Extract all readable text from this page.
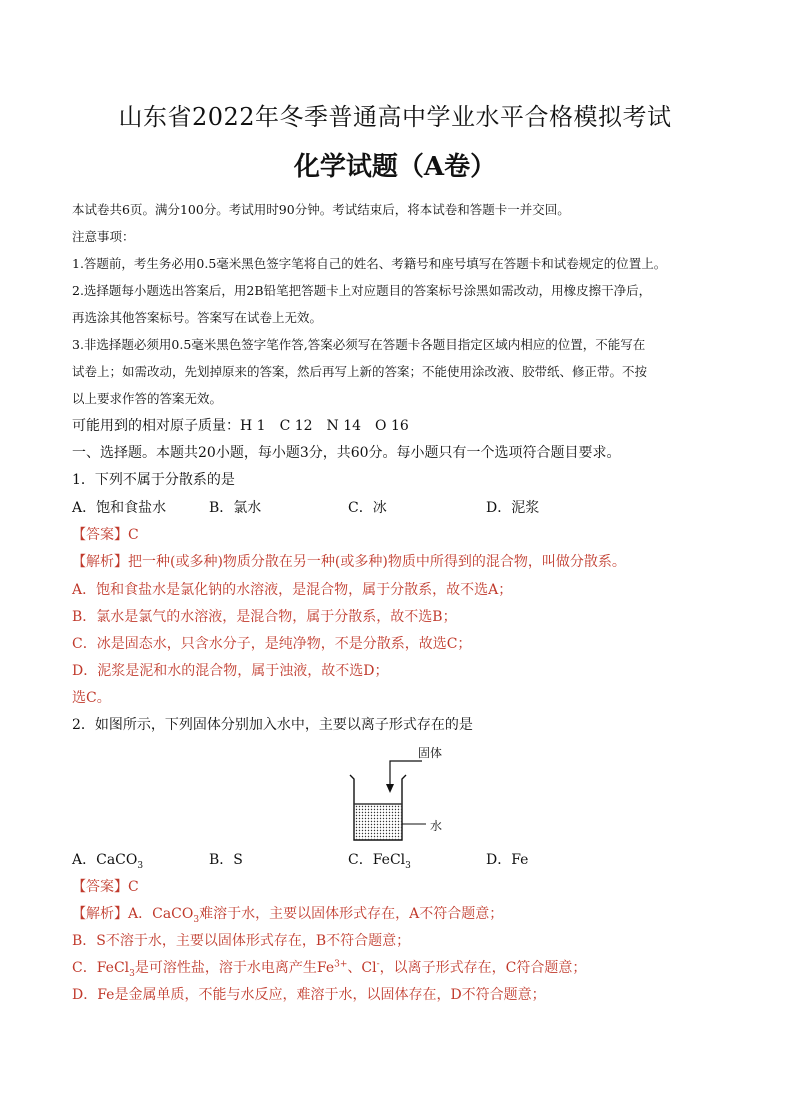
山东省2022年冬季普通高中学业水平合格模拟考试
化学试题（A卷）
本试卷共6页。满分100分。考试用时90分钟。考试结束后，将本试卷和答题卡一并交回。
注意事项：
1.答题前，考生务必用0.5毫米黑色签字笔将自己的姓名、考籍号和座号填写在答题卡和试卷规定的位置上。
2.选择题每小题选出答案后，用2B铅笔把答题卡上对应题目的答案标号涂黑如需改动，用橡皮擦干净后，
再选涂其他答案标号。答案写在试卷上无效。
3.非选择题必须用0.5毫米黑色签字笔作答,答案必须写在答题卡各题目指定区域内相应的位置，不能写在
试卷上；如需改动，先划掉原来的答案，然后再写上新的答案；不能使用涂改液、胶带纸、修正带。不按
以上要求作答的答案无效。
可能用到的相对原子质量：H 1　C 12　N 14　O 16
一、选择题。本题共20小题，每小题3分，共60分。每小题只有一个选项符合题目要求。
1．下列不属于分散系的是
A．饱和食盐水	B．氯水	C．冰	D．泥浆
【答案】C
【解析】把一种(或多种)物质分散在另一种(或多种)物质中所得到的混合物，叫做分散系。
A．饱和食盐水是氯化钠的水溶液，是混合物，属于分散系，故不选A；
B．氯水是氯气的水溶液，是混合物，属于分散系，故不选B；
C．冰是固态水，只含水分子，是纯净物，不是分散系，故选C；
D．泥浆是泥和水的混合物，属于浊液，故不选D；
选C。
2．如图所示，下列固体分别加入水中，主要以离子形式存在的是
固体
水
A．CaCO$_3$	B．S	C．FeCl$_3$	D．Fe
【答案】C
【解析】A．CaCO$_3$难溶于水，主要以固体形式存在，A不符合题意；
B．S不溶于水，主要以固体形式存在，B不符合题意；
C．FeCl$_3$是可溶性盐，溶于水电离产生$Fe^{3+}$、Cl-，以离子形式存在，C符合题意；
D．Fe是金属单质，不能与水反应，难溶于水，以固体存在，D不符合题意；
